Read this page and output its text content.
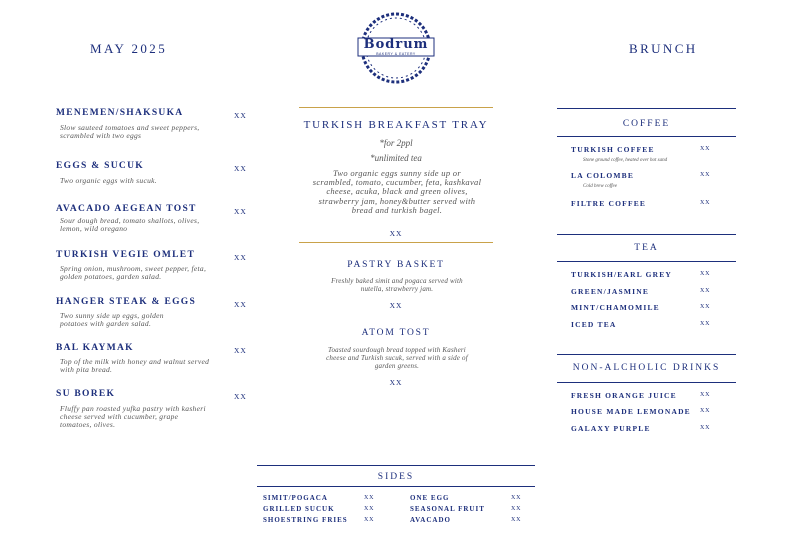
MAY 2025	BRUNCH
Bodrum
BAKERY & EATERY
MENEMEN/SHAKSUKA	XX
Slow sauteed tomatoes and sweet peppers, scrambled with two eggs
EGGS & SUCUK	XX
Two organic eggs with sucuk.
AVACADO AEGEAN TOST	XX
Sour dough bread, tomato shallots, olives, lemon, wild oregano
TURKISH VEGIE OMLET	XX
Spring onion, mushroom, sweet pepper, feta, golden potatoes, garden salad.
HANGER STEAK & EGGS	XX
Two sunny side up eggs, golden potatoes with garden salad.
BAL KAYMAK	XX
Top of the milk with honey and walnut served with pita bread.
SU BOREK	XX
Fluffy pan roasted yufka pastry with kasheri cheese served with cucumber, grape tomatoes, olives.
TURKISH BREAKFAST TRAY
*for 2ppl
*unlimited tea
Two organic eggs sunny side up or scrambled, tomato, cucumber, feta, kashkaval cheese, acuka, black and green olives, strawberry jam, honey&butter served with bread and turkish bagel.
XX
PASTRY BASKET
Freshly baked simit and pogaca served with nutella, strawberry jam.
XX
ATOM TOST
Toasted sourdough bread topped with Kasheri cheese and Turkish sucuk, served with a side of garden greens.
XX
COFFEE
TURKISH COFFEE	XX
Stone ground coffee, heated over hot sand
LA COLOMBE	XX
Cold brew coffee
FILTRE COFFEE	XX
TEA
TURKISH/EARL GREY	XX
GREEN/JASMINE	XX
MINT/CHAMOMILE	XX
ICED TEA	XX
NON-ALCHOLIC DRINKS
FRESH ORANGE JUICE	XX
HOUSE MADE LEMONADE XX
GALAXY PURPLE	XX
SIDES
SIMIT/POGACA	XX
GRILLED SUCUK	XX
SHOESTRING FRIES	XX
ONE EGG	XX
SEASONAL FRUIT	XX
AVACADO	XX
